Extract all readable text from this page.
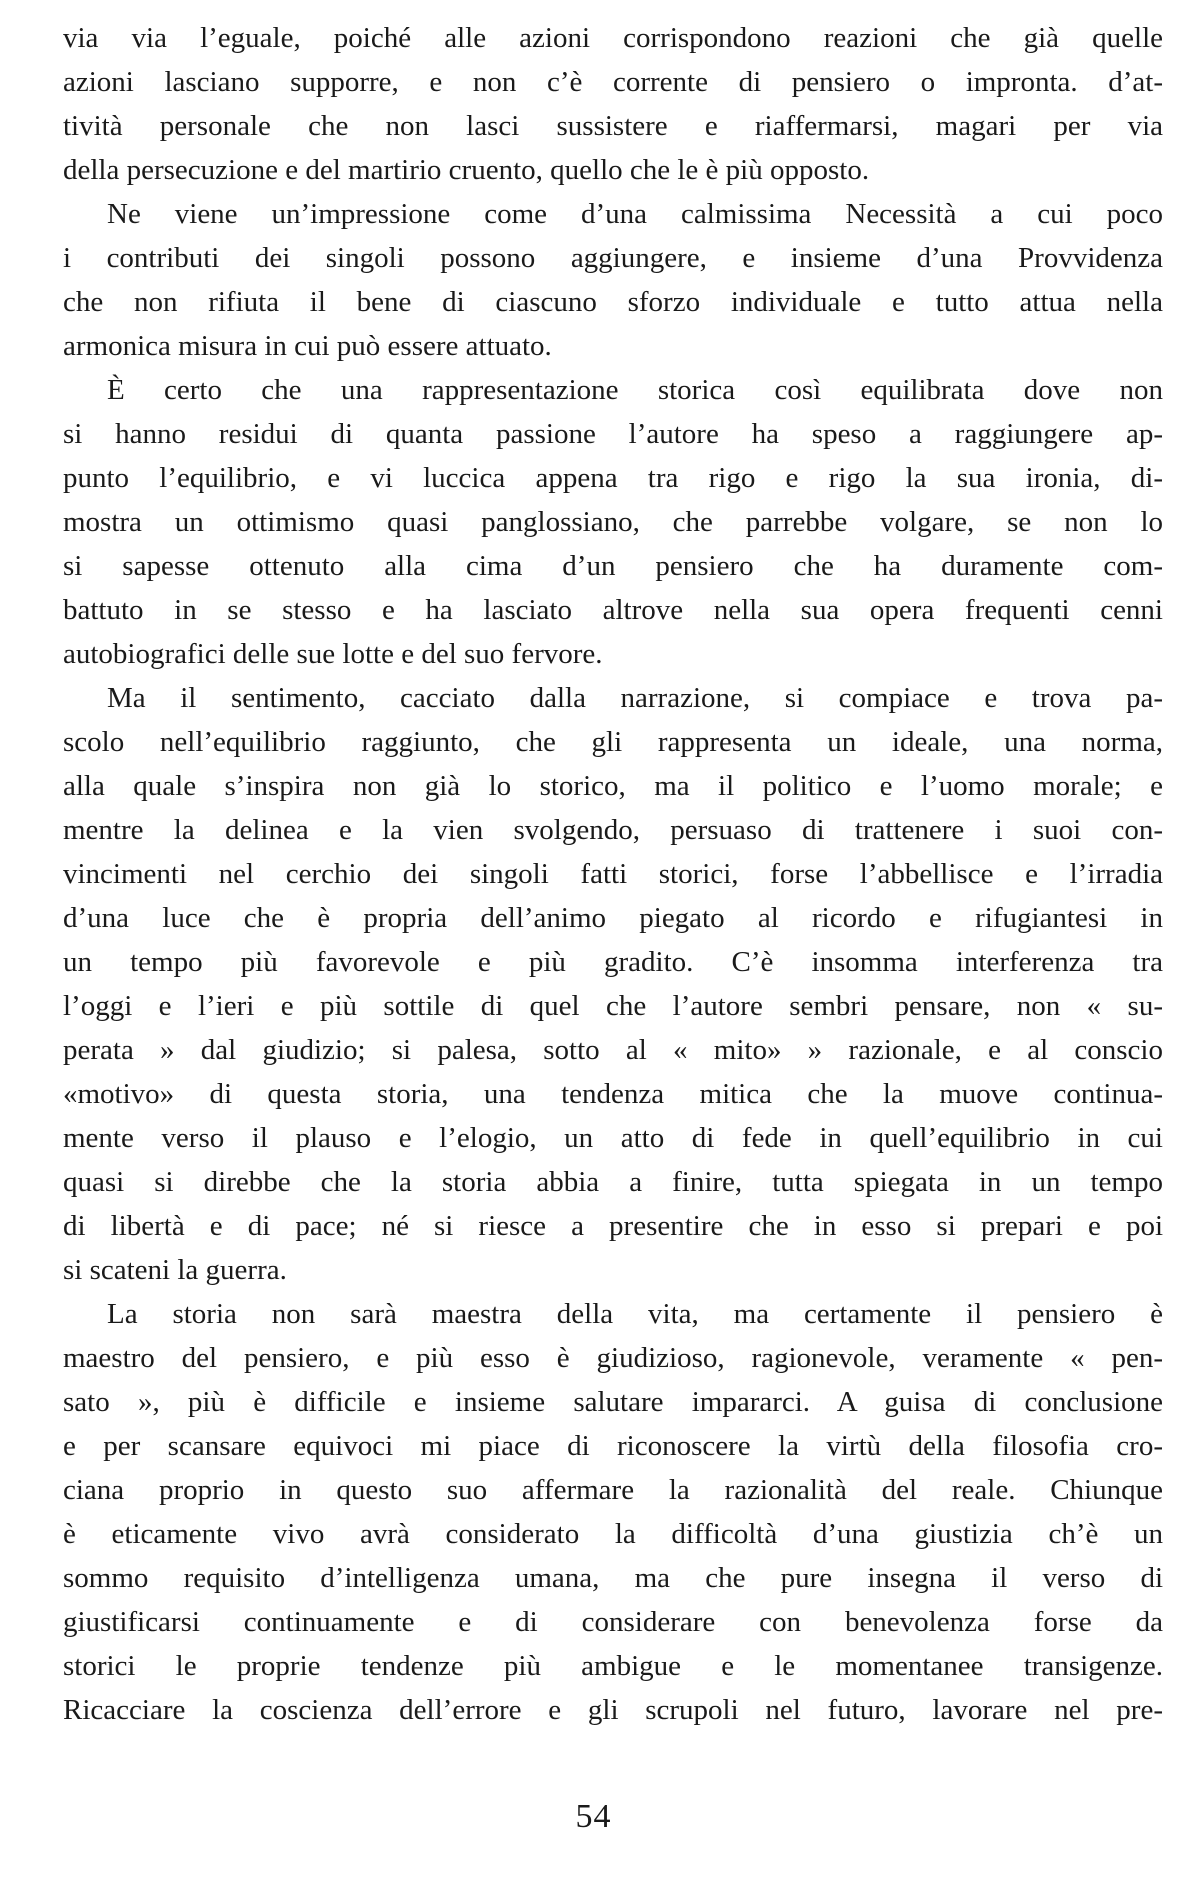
via via l’eguale, poiché alle azioni corrispondono reazioni che già quelle
azioni lasciano supporre, e non c’è corrente di pensiero o impronta. d’at-
tività personale che non lasci sussistere e riaffermarsi, magari per via
della persecuzione e del martirio cruento, quello che le è più opposto.
Ne viene un’impressione come d’una calmissima Necessità a cui poco
i contributi dei singoli possono aggiungere, e insieme d’una Provvidenza
che non rifiuta il bene di ciascuno sforzo individuale e tutto attua nella
armonica misura in cui può essere attuato.
È certo che una rappresentazione storica così equilibrata dove non
si hanno residui di quanta passione l’autore ha speso a raggiungere ap-
punto l’equilibrio, e vi luccica appena tra rigo e rigo la sua ironia, di-
mostra un ottimismo quasi panglossiano, che parrebbe volgare, se non lo
si sapesse ottenuto alla cima d’un pensiero che ha duramente com-
battuto in se stesso e ha lasciato altrove nella sua opera frequenti cenni
autobiografici delle sue lotte e del suo fervore.
Ma il sentimento, cacciato dalla narrazione, si compiace e trova pa-
scolo nell’equilibrio raggiunto, che gli rappresenta un ideale, una norma,
alla quale s’inspira non già lo storico, ma il politico e l’uomo morale; e
mentre la delinea e la vien svolgendo, persuaso di trattenere i suoi con-
vincimenti nel cerchio dei singoli fatti storici, forse l’abbellisce e l’irradia
d’una luce che è propria dell’animo piegato al ricordo e rifugiantesi in
un tempo più favorevole e più gradito. C’è insomma interferenza tra
l’oggi e l’ieri e più sottile di quel che l’autore sembri pensare, non « su-
perata » dal giudizio; si palesa, sotto al « mito» » razionale, e al conscio
«motivo» di questa storia, una tendenza mitica che la muove continua-
mente verso il plauso e l’elogio, un atto di fede in quell’equilibrio in cui
quasi si direbbe che la storia abbia a finire, tutta spiegata in un tempo
di libertà e di pace; né si riesce a presentire che in esso si prepari e poi
si scateni la guerra.
La storia non sarà maestra della vita, ma certamente il pensiero è
maestro del pensiero, e più esso è giudizioso, ragionevole, veramente « pen-
sato », più è difficile e insieme salutare impararci. A guisa di conclusione
e per scansare equivoci mi piace di riconoscere la virtù della filosofia cro-
ciana proprio in questo suo affermare la razionalità del reale. Chiunque
è eticamente vivo avrà considerato la difficoltà d’una giustizia ch’è un
sommo requisito d’intelligenza umana, ma che pure insegna il verso di
giustificarsi continuamente e di considerare con benevolenza forse da
storici le proprie tendenze più ambigue e le momentanee transigenze.
Ricacciare la coscienza dell’errore e gli scrupoli nel futuro, lavorare nel pre-
54
